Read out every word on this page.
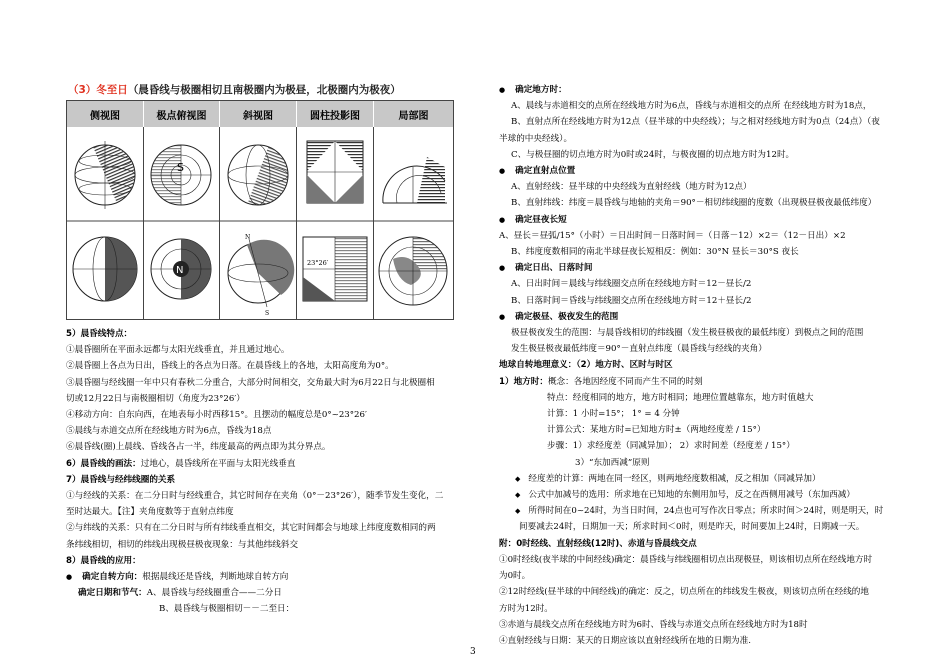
（3）冬至日（晨昏线与极圈相切且南极圈内为极昼，北极圈内为极夜）
侧视图	极点俯视图	斜视图	圆柱投影图	局部图
S
N
N
S
23°26′
5）晨昏线特点：
①晨昏圈所在平面永远都与太阳光线垂直，并且通过地心。
②晨昏圈上各点为日出，昏线上的各点为日落。在晨昏线上的各地，太阳高度角为0°。
③晨昏圈与经线圈一年中只有春秋二分重合，大部分时间相交，交角最大时为6月22日与北极圈相
切或12月22日与南极圈相切（角度为23°26′）
④移动方向：自东向西，在地表每小时西移15°。且摆动的幅度总是0°~23°26′
⑤晨线与赤道交点所在经线地方时为6点，昏线为18点
⑥晨昏线(圈)上晨线、昏线各占一半，纬度最高的两点即为其分界点。
6）晨昏线的画法：过地心，晨昏线所在平面与太阳光线垂直
7）晨昏线与经纬线圈的关系
①与经线的关系：在二分日时与经线重合，其它时间存在夹角（0°－23°26′），随季节发生变化，二
至时达最大。【注】夹角度数等于直射点纬度
②与纬线的关系：只有在二分日时与所有纬线垂直相交，其它时间都会与地球上纬度度数相同的两
条纬线相切，相切的纬线出现极昼极夜现象：与其他纬线斜交
8）晨昏线的应用：
● 确定自转方向：根据晨线还是昏线，判断地球自转方向
确定日期和节气：A、晨昏线与经线圈重合——二分日
B、晨昏线与极圈相切－－二至日：
● 确定地方时：
A、晨线与赤道相交的点所在经线地方时为6点，昏线与赤道相交的点所 在经线地方时为18点，
B、直射点所在经线地方时为12点（昼半球的中央经线）；与之相对经线地方时为0点（24点）（夜
半球的中央经线）。
C、与极昼圈的切点地方时为0时或24时，与极夜圈的切点地方时为12时。
● 确定直射点位置
A、直射经线：昼半球的中央经线为直射经线（地方时为12点）
B、直射纬线：纬度＝晨昏线与地轴的夹角＝90°－相切纬线圈的度数（出现极昼极夜最低纬度）
● 确定昼夜长短
A、昼长＝昼弧/15°（小时）＝日出时间－日落时间＝（日落－12）×2＝（12－日出）×2
B、纬度度数相同的南北半球昼夜长短相反：例如：30°N 昼长＝30°S 夜长
● 确定日出、日落时间
A、日出时间＝晨线与纬线圈交点所在经线地方时＝12－昼长/2
B、日落时间＝昏线与纬线圈交点所在经线地方时＝12＋昼长/2
● 确定极昼、极夜发生的范围
极昼极夜发生的范围：与晨昏线相切的纬线圈（发生极昼极夜的最低纬度）到极点之间的范围
发生极昼极夜最低纬度＝90°－直射点纬度（晨昏线与经线的夹角）
地球自转地理意义：（2）地方时、区时与时区
1）地方时：概念：各地因经度不同而产生不同的时刻
特点：经度相同的地方，地方时相同；地理位置越靠东，地方时值越大
计算：1 小时=15°； 1° = 4 分钟
计算公式：某地方时=已知地方时±（两地经度差 / 15°）
步骤：1）求经度差（同减异加）； 2）求时间差（经度差 / 15°）
3）“东加西减”原则
◆ 经度差的计算：两地在同一经区，则两地经度数相减，反之相加（同减异加）
◆ 公式中加减号的选用：所求地在已知地的东侧用加号，反之在西侧用减号（东加西减）
◆ 所得时间在0~24时，为当日时间，24点也可写作次日零点；所求时间＞24时，则是明天，时
间要减去24时，日期加一天；所求时间＜0时，则是昨天，时间要加上24时，日期减一天。
附：0时经线、直射经线(12时)、赤道与昏晨线交点
①0时经线(夜半球的中间经线)确定：晨昏线与纬线圈相切点出现极昼，则该相切点所在经线地方时
为0时。
②12时经线(昼半球的中间经线)的确定：反之，切点所在的纬线发生极夜，则该切点所在经线的地
方时为12时。
③赤道与晨线交点所在经线地方时为6时、昏线与赤道交点所在经线地方时为18时
④直射经线与日期：某天的日期应该以直射经线所在地的日期为准.
3
